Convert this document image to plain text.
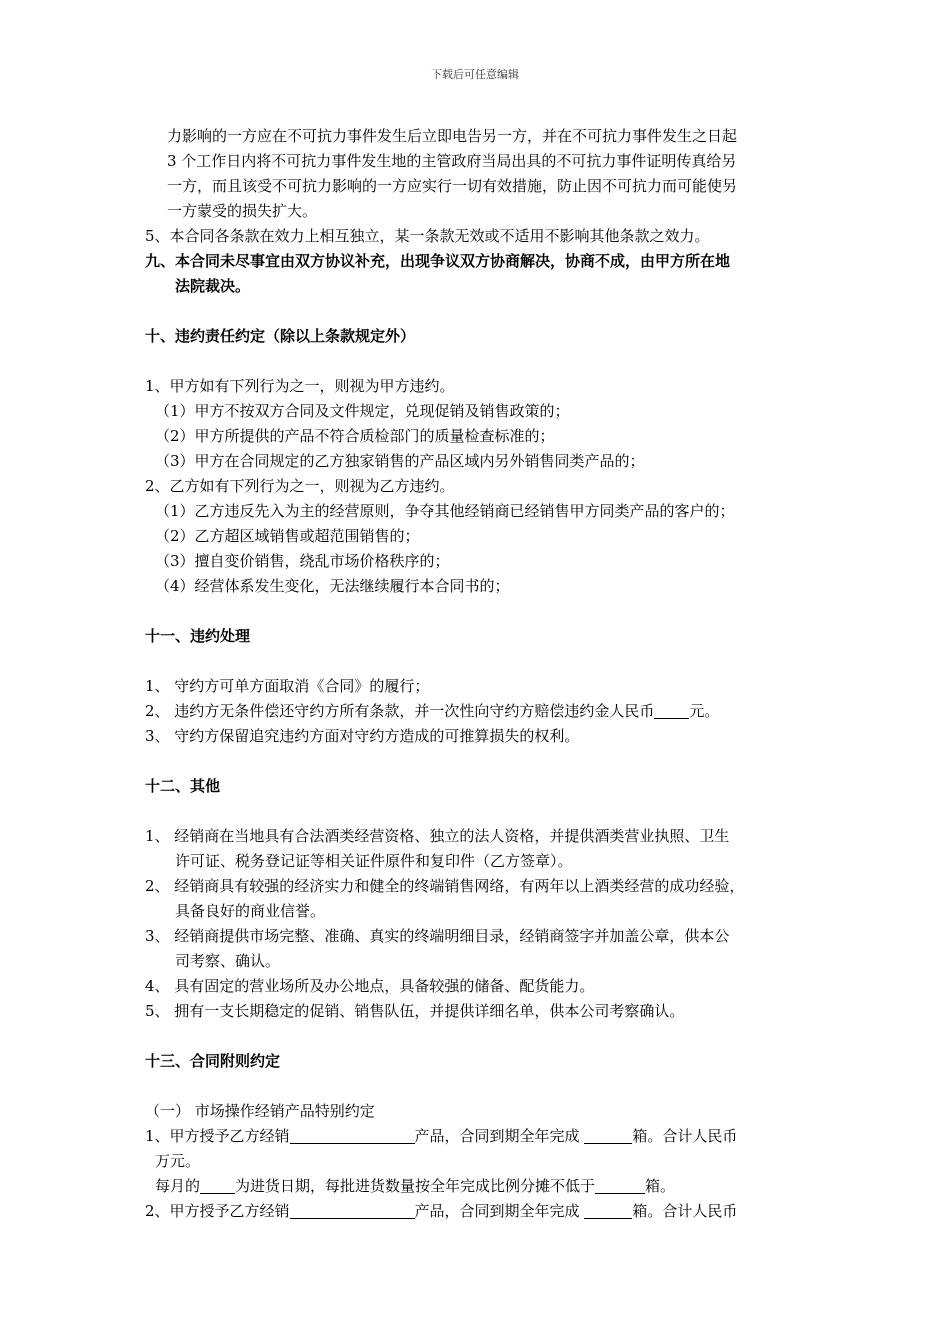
下载后可任意编辑
力影响的一方应在不可抗力事件发生后立即电告另一方，并在不可抗力事件发生之日起
3 个工作日内将不可抗力事件发生地的主管政府当局出具的不可抗力事件证明传真给另
一方，而且该受不可抗力影响的一方应实行一切有效措施，防止因不可抗力而可能使另
一方蒙受的损失扩大。
5、本合同各条款在效力上相互独立，某一条款无效或不适用不影响其他条款之效力。
九、本合同未尽事宜由双方协议补充，出现争议双方协商解决，协商不成，由甲方所在地
法院裁决。
十、违约责任约定（除以上条款规定外）
1、甲方如有下列行为之一，则视为甲方违约。
（1）甲方不按双方合同及文件规定，兑现促销及销售政策的；
（2）甲方所提供的产品不符合质检部门的质量检查标准的；
（3）甲方在合同规定的乙方独家销售的产品区域内另外销售同类产品的；
2、乙方如有下列行为之一，则视为乙方违约。
（1）乙方违反先入为主的经营原则，争夺其他经销商已经销售甲方同类产品的客户的；
（2）乙方超区域销售或超范围销售的；
（3）擅自变价销售，绕乱市场价格秩序的；
（4）经营体系发生变化，无法继续履行本合同书的；
十一、违约处理
1、 守约方可单方面取消《合同》的履行；
2、 违约方无条件偿还守约方所有条款，并一次性向守约方赔偿违约金人民币 元。
3、 守约方保留追究违约方面对守约方造成的可推算损失的权利。
十二、其他
1、 经销商在当地具有合法酒类经营资格、独立的法人资格，并提供酒类营业执照、卫生
许可证、税务登记证等相关证件原件和复印件（乙方签章）。
2、 经销商具有较强的经济实力和健全的终端销售网络，有两年以上酒类经营的成功经验，
具备良好的商业信誉。
3、 经销商提供市场完整、准确、真实的终端明细目录，经销商签字并加盖公章，供本公
司考察、确认。
4、 具有固定的营业场所及办公地点，具备较强的储备、配货能力。
5、 拥有一支长期稳定的促销、销售队伍，并提供详细名单，供本公司考察确认。
十三、合同附则约定
（一） 市场操作经销产品特别约定
1、甲方授予乙方经销	产品，合同到期全年完成	箱。合计人民币
万元。
每月的 为进货日期，每批进货数量按全年完成比例分摊不低于	箱。
2、甲方授予乙方经销	产品，合同到期全年完成	箱。合计人民币
